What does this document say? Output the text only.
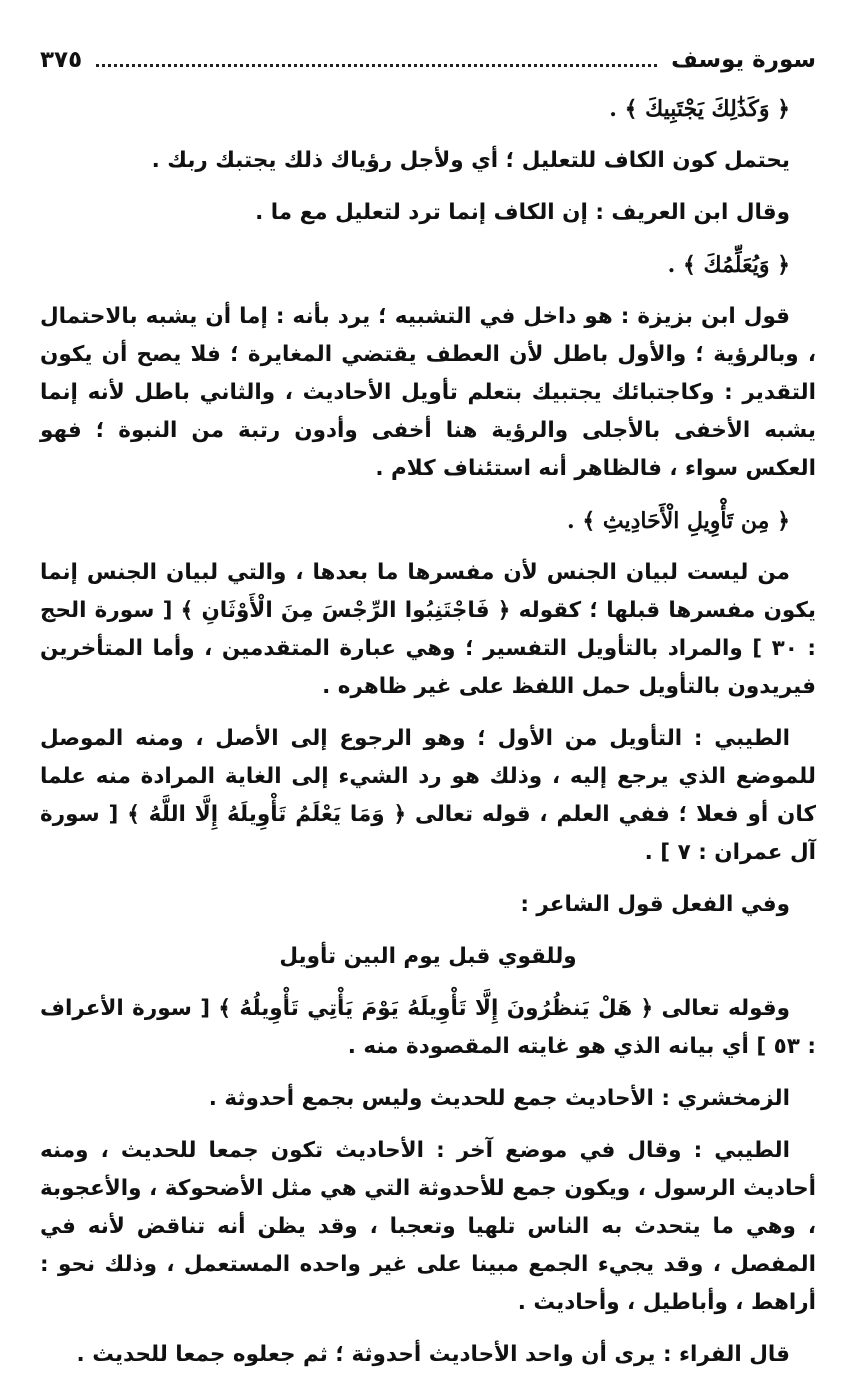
سورة يوسف
٣٧٥

﴿ وَكَذَٰلِكَ يَجْتَبِيكَ ﴾ .

يحتمل كون الكاف للتعليل ؛ أي ولأجل رؤياك ذلك يجتبك ربك .

وقال ابن العريف : إن الكاف إنما ترد لتعليل مع ما .

﴿ وَيُعَلِّمُكَ ﴾ .

قول ابن بزيزة : هو داخل في التشبيه ؛ يرد بأنه : إما أن يشبه بالاحتمال ، وبالرؤية ؛ والأول باطل لأن العطف يقتضي المغايرة ؛ فلا يصح أن يكون التقدير : وكاجتبائك يجتبيك بتعلم تأويل الأحاديث ، والثاني باطل لأنه إنما يشبه الأخفى بالأجلى والرؤية هنا أخفى وأدون رتبة من النبوة ؛ فهو العكس سواء ، فالظاهر أنه استئناف كلام .

﴿ مِن تَأْوِيلِ الْأَحَادِيثِ ﴾ .

من ليست لبيان الجنس لأن مفسرها ما بعدها ، والتي لبيان الجنس إنما يكون مفسرها قبلها ؛ كقوله ﴿ فَاجْتَنِبُوا الرِّجْسَ مِنَ الْأَوْثَانِ ﴾ [ سورة الحج : ٣٠ ] والمراد بالتأويل التفسير ؛ وهي عبارة المتقدمين ، وأما المتأخرين فيريدون بالتأويل حمل اللفظ على غير ظاهره .

الطيبي : التأويل من الأول ؛ وهو الرجوع إلى الأصل ، ومنه الموصل للموضع الذي يرجع إليه ، وذلك هو رد الشيء إلى الغاية المرادة منه علما كان أو فعلا ؛ ففي العلم ، قوله تعالى ﴿ وَمَا يَعْلَمُ تَأْوِيلَهُ إِلَّا اللَّهُ ﴾ [ سورة آل عمران : ٧ ] .

وفي الفعل قول الشاعر :

وللقوي قبل يوم البين تأويل

وقوله تعالى ﴿ هَلْ يَنظُرُونَ إِلَّا تَأْوِيلَهُ يَوْمَ يَأْتِي تَأْوِيلُهُ ﴾ [ سورة الأعراف : ٥٣ ] أي بيانه الذي هو غايته المقصودة منه .

الزمخشري : الأحاديث جمع للحديث وليس بجمع أحدوثة .

الطيبي : وقال في موضع آخر : الأحاديث تكون جمعا للحديث ، ومنه أحاديث الرسول ، ويكون جمع للأحدوثة التي هي مثل الأضحوكة ، والأعجوبة ، وهي ما يتحدث به الناس تلهيا وتعجبا ، وقد يظن أنه تناقض لأنه في المفصل ، وقد يجيء الجمع مبينا على غير واحده المستعمل ، وذلك نحو : أراهط ، وأباطيل ، وأحاديث .

قال الفراء : يرى أن واحد الأحاديث أحدوثة ؛ ثم جعلوه جمعا للحديث .
